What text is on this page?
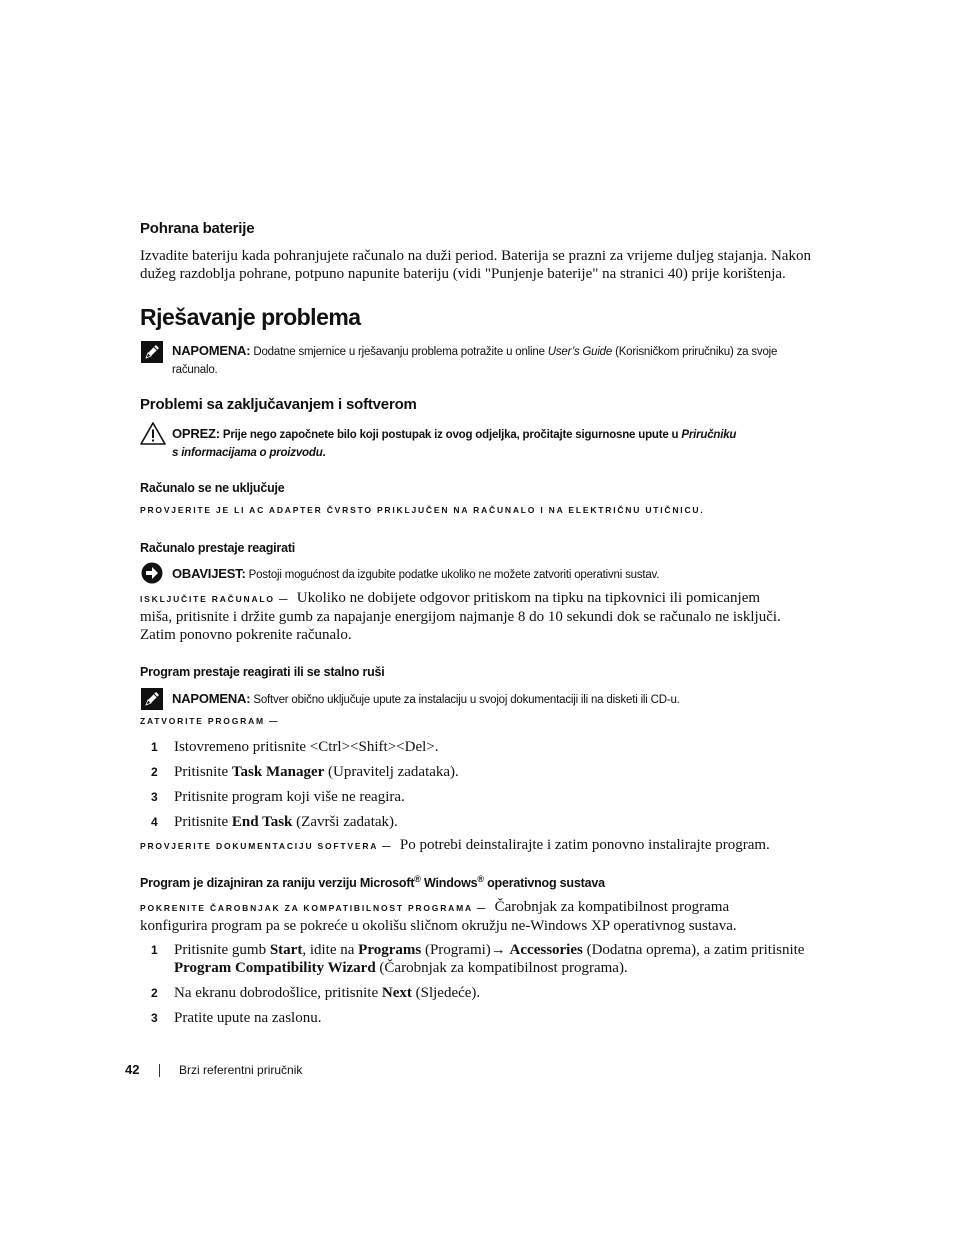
Pohrana baterije
Izvadite bateriju kada pohranjujete računalo na duži period. Baterija se prazni za vrijeme duljeg stajanja. Nakon
dužeg razdoblja pohrane, potpuno napunite bateriju (vidi "Punjenje baterije" na stranici 40) prije korištenja.
Rješavanje problema
NAPOMENA: Dodatne smjernice u rješavanju problema potražite u online User’s Guide (Korisničkom priručniku) za svoje
računalo.
Problemi sa zaključavanjem i softverom
OPREZ: Prije nego započnete bilo koji postupak iz ovog odjeljka, pročitajte sigurnosne upute u Priručniku
s informacijama o proizvodu.
Računalo se ne uključuje
PROVJERITE JE LI AC ADAPTER ČVRSTO PRIKLJUČEN NA RAČUNALO I NA ELEKTRIČNU UTIČNICU.
Računalo prestaje reagirati
OBAVIJEST: Postoji mogućnost da izgubite podatke ukoliko ne možete zatvoriti operativni sustav.
ISKLJUČITE RAČUNALO — Ukoliko ne dobijete odgovor pritiskom na tipku na tipkovnici ili pomicanjem
miša, pritisnite i držite gumb za napajanje energijom najmanje 8 do 10 sekundi dok se računalo ne isključi.
Zatim ponovno pokrenite računalo.
Program prestaje reagirati ili se stalno ruši
NAPOMENA: Softver obično uključuje upute za instalaciju u svojoj dokumentaciji ili na disketi ili CD-u.
ZATVORITE PROGRAM —
1	Istovremeno pritisnite <Ctrl><Shift><Del>.
2	Pritisnite Task Manager (Upravitelj zadataka).
3	Pritisnite program koji više ne reagira.
4	Pritisnite End Task (Završi zadatak).
PROVJERITE DOKUMENTACIJU SOFTVERA — Po potrebi deinstalirajte i zatim ponovno instalirajte program.
Program je dizajniran za raniju verziju Microsoft® Windows® operativnog sustava
POKRENITE ČAROBNJAK ZA KOMPATIBILNOST PROGRAMA — Čarobnjak za kompatibilnost programa
konfigurira program pa se pokreće u okolišu sličnom okružju ne-Windows XP operativnog sustava.
1	Pritisnite gumb Start, idite na Programs (Programi)→ Accessories (Dodatna oprema), a zatim pritisnite
Program Compatibility Wizard (Čarobnjak za kompatibilnost programa).
2	Na ekranu dobrodošlice, pritisnite Next (Sljedeće).
3	Pratite upute na zaslonu.
42	Brzi referentni priručnik
